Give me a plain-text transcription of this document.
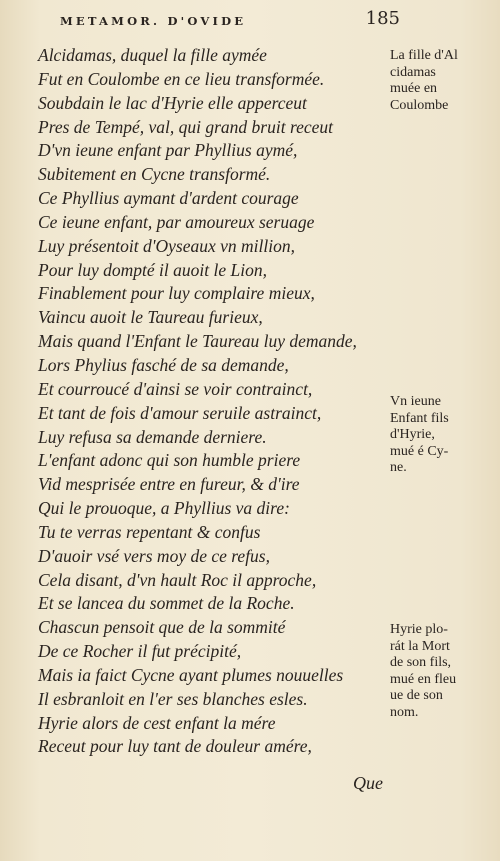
METAMOR. D'OVIDE	185
Alcidamas, duquel la fille aymée
Fut en Coulombe en ce lieu transformée.
Soubdain le lac d'Hyrie elle apperceut
Pres de Tempé, val, qui grand bruit receut
D'vn ieune enfant par Phyllius aymé,
Subitement en Cycne transformé.
Ce Phyllius aymant d'ardent courage
Ce ieune enfant, par amoureux seruage
Luy présentoit d'Oyseaux vn million,
Pour luy dompté il auoit le Lion,
Finablement pour luy complaire mieux,
Vaincu auoit le Taureau furieux,
Mais quand l'Enfant le Taureau luy demande,
Lors Phylius fasché de sa demande,
Et courroucé d'ainsi se voir contrainct,
Et tant de fois d'amour seruile astrainct,
Luy refusa sa demande derniere.
L'enfant adonc qui son humble priere
Vid mesprisée entre en fureur, & d'ire
Qui le prouoque, a Phyllius va dire:
Tu te verras repentant & confus
D'auoir vsé vers moy de ce refus,
Cela disant, d'vn hault Roc il approche,
Et se lancea du sommet de la Roche.
Chascun pensoit que de la sommité
De ce Rocher il fut précipité,
Mais ia faict Cycne ayant plumes nouuelles
Il esbranloit en l'er ses blanches esles.
Hyrie alors de cest enfant la mére
Receut pour luy tant de douleur amére,
La fille d'Al
cidamas
muée en
Coulombe
Vn ieune
Enfant fils
d'Hyrie,
mué é Cy-
ne.
Hyrie plo-
rát la Mort
de son fils,
mué en fleu
ue de son
nom.
Que
